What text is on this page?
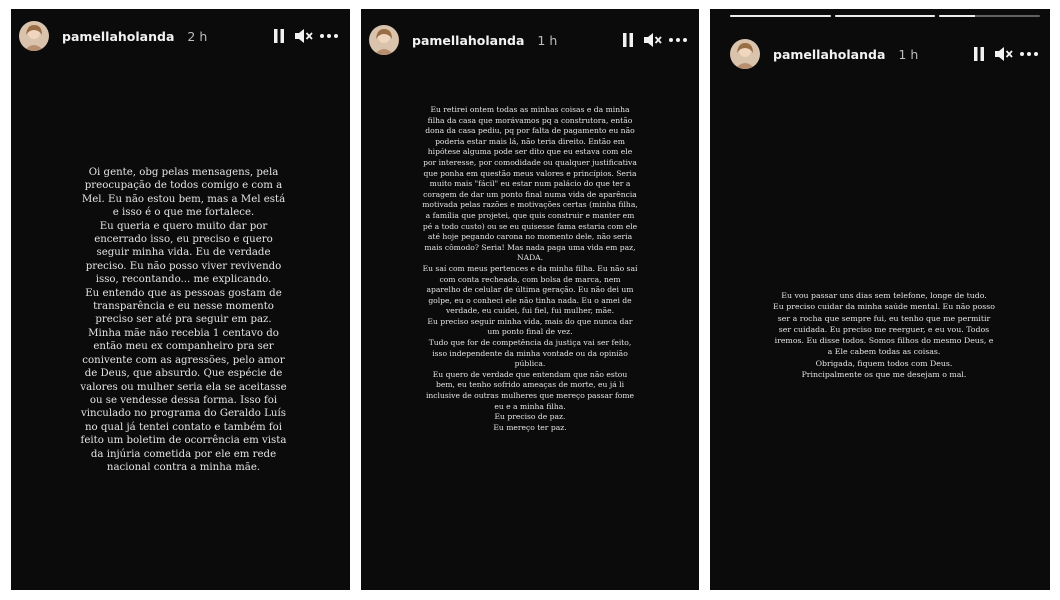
pamellaholanda 2 h
Oi gente, obg pelas mensagens, pela
preocupação de todos comigo e com a
Mel. Eu não estou bem, mas a Mel está
e isso é o que me fortalece.
Eu queria e quero muito dar por
encerrado isso, eu preciso e quero
seguir minha vida. Eu de verdade
preciso. Eu não posso viver revivendo
isso, recontando... me explicando.
Eu entendo que as pessoas gostam de
transparência e eu nesse momento
preciso ser até pra seguir em paz.
Minha mãe não recebia 1 centavo do
então meu ex companheiro pra ser
conivente com as agressões, pelo amor
de Deus, que absurdo. Que espécie de
valores ou mulher seria ela se aceitasse
ou se vendesse dessa forma. Isso foi
vinculado no programa do Geraldo Luís
no qual já tentei contato e também foi
feito um boletim de ocorrência em vista
da injúria cometida por ele em rede
nacional contra a minha mãe.
pamellaholanda 1 h
Eu retirei ontem todas as minhas coisas e da minha
filha da casa que morávamos pq a construtora, então
dona da casa pediu, pq por falta de pagamento eu não
poderia estar mais lá, não teria direito. Então em
hipótese alguma pode ser dito que eu estava com ele
por interesse, por comodidade ou qualquer justificativa
que ponha em questão meus valores e princípios. Seria
muito mais "fácil" eu estar num palácio do que ter a
coragem de dar um ponto final numa vida de aparência
motivada pelas razões e motivações certas (minha filha,
a família que projetei, que quis construir e manter em
pé a todo custo) ou se eu quisesse fama estaria com ele
até hoje pegando carona no momento dele, não seria
mais cômodo? Seria! Mas nada paga uma vida em paz,
NADA.
Eu saí com meus pertences e da minha filha. Eu não saí
com conta recheada, com bolsa de marca, nem
aparelho de celular de última geração. Eu não dei um
golpe, eu o conheci ele não tinha nada. Eu o amei de
verdade, eu cuidei, fui fiel, fui mulher, mãe.
Eu preciso seguir minha vida, mais do que nunca dar
um ponto final de vez.
Tudo que for de competência da justiça vai ser feito,
isso independente da minha vontade ou da opinião
pública.
Eu quero de verdade que entendam que não estou
bem, eu tenho sofrido ameaças de morte, eu já li
inclusive de outras mulheres que mereço passar fome
eu e a minha filha.
Eu preciso de paz.
Eu mereço ter paz.
pamellaholanda 1 h
Eu vou passar uns dias sem telefone, longe de tudo.
Eu preciso cuidar da minha saúde mental. Eu não posso
ser a rocha que sempre fui, eu tenho que me permitir
ser cuidada. Eu preciso me reerguer, e eu vou. Todos
iremos. Eu disse todos. Somos filhos do mesmo Deus, e
a Ele cabem todas as coisas.
Obrigada, fiquem todos com Deus.
Principalmente os que me desejam o mal.
